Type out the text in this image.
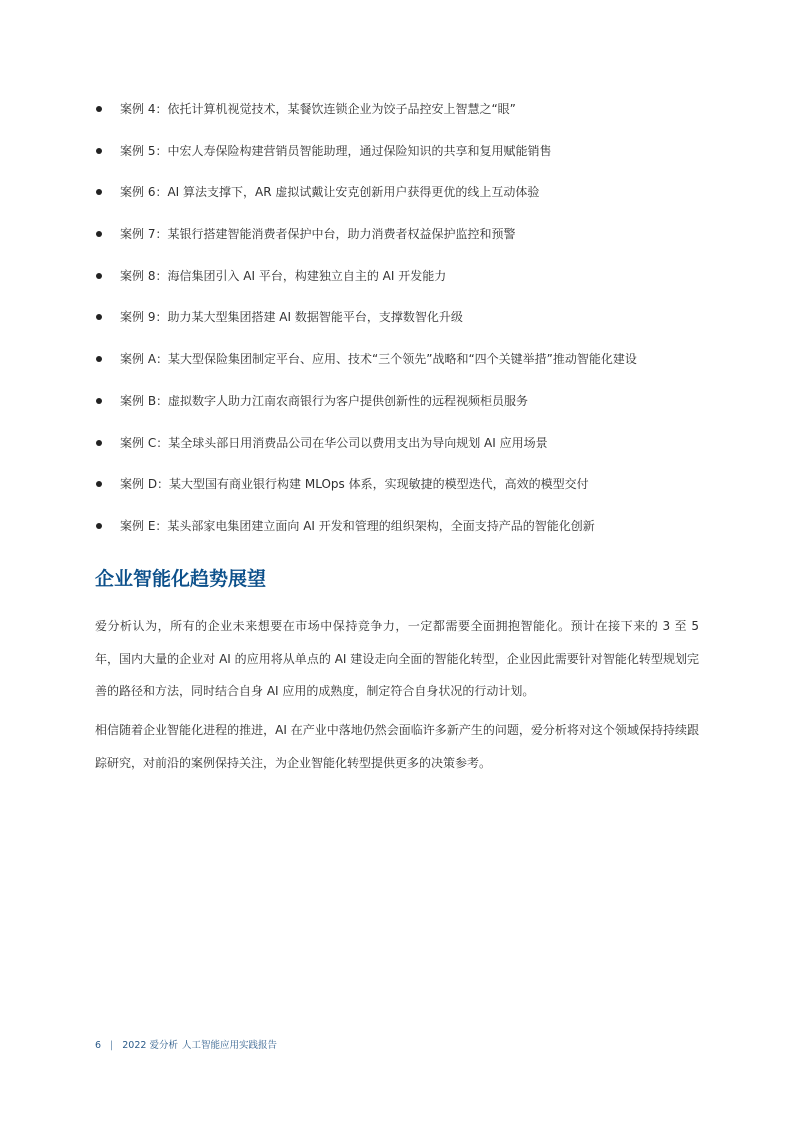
案例 4：依托计算机视觉技术，某餐饮连锁企业为饺子品控安上智慧之“眼”
案例 5：中宏人寿保险构建营销员智能助理，通过保险知识的共享和复用赋能销售
案例 6：AI 算法支撑下，AR 虚拟试戴让安克创新用户获得更优的线上互动体验
案例 7：某银行搭建智能消费者保护中台，助力消费者权益保护监控和预警
案例 8：海信集团引入 AI 平台，构建独立自主的 AI 开发能力
案例 9：助力某大型集团搭建 AI 数据智能平台，支撑数智化升级
案例 A：某大型保险集团制定平台、应用、技术“三个领先”战略和“四个关键举措”推动智能化建设
案例 B：虚拟数字人助力江南农商银行为客户提供创新性的远程视频柜员服务
案例 C：某全球头部日用消费品公司在华公司以费用支出为导向规划 AI 应用场景
案例 D：某大型国有商业银行构建 MLOps 体系，实现敏捷的模型迭代，高效的模型交付
案例 E：某头部家电集团建立面向 AI 开发和管理的组织架构，全面支持产品的智能化创新
企业智能化趋势展望

爱分析认为，所有的企业未来想要在市场中保持竞争力，一定都需要全面拥抱智能化。预计在接下来的 3 至 5 年，国内大量的企业对 AI 的应用将从单点的 AI 建设走向全面的智能化转型，企业因此需要针对智能化转型规划完善的路径和方法，同时结合自身 AI 应用的成熟度，制定符合自身状况的行动计划。

相信随着企业智能化进程的推进，AI 在产业中落地仍然会面临许多新产生的问题，爱分析将对这个领域保持持续跟踪研究，对前沿的案例保持关注，为企业智能化转型提供更多的决策参考。

6 | 2022 爱分析 人工智能应用实践报告
